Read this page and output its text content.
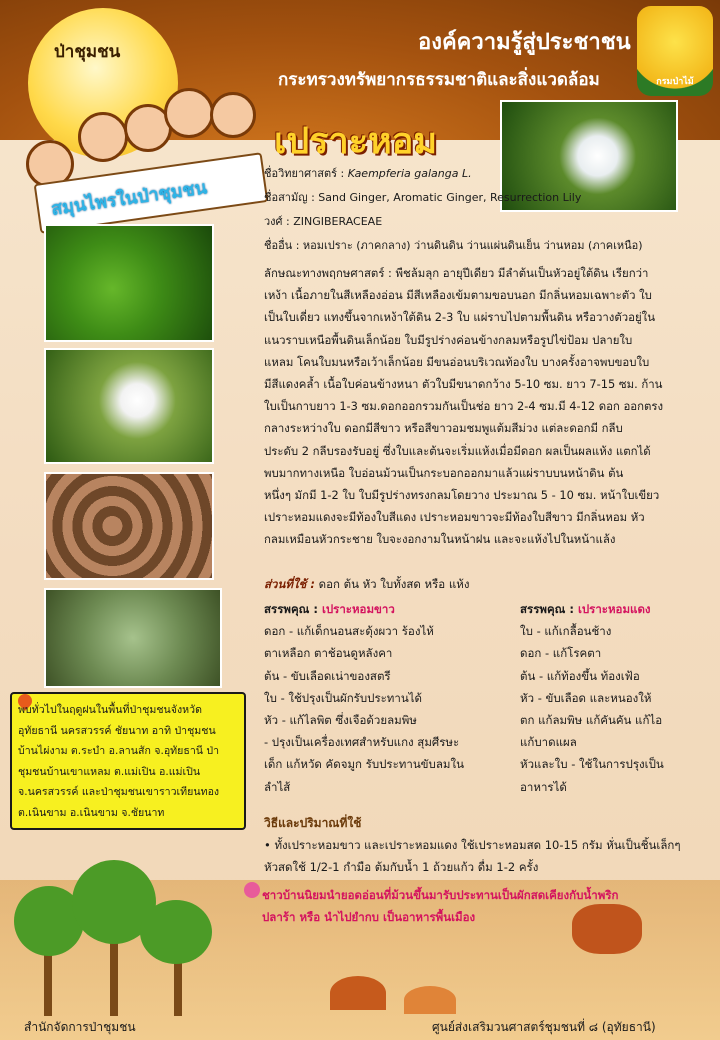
ป่าชุมชน
สมุนไพรในป่าชุมชน
องค์ความรู้สู่ประชาชน
กระทรวงทรัพยากรธรรมชาติและสิ่งแวดล้อม	กรมป่าไม้
เปราะหอม
ชื่อวิทยาศาสตร์ : Kaempferia galanga L.
ชื่อสามัญ : Sand Ginger, Aromatic Ginger, Resurrection Lily
วงศ์ : ZINGIBERACEAE
ชื่ออื่น : หอมเปราะ (ภาคกลาง) ว่านดินดิน ว่านแผ่นดินเย็น ว่านหอม (ภาคเหนือ)
ลักษณะทางพฤกษศาสตร์ : พืชล้มลุก อายุปีเดียว มีลำต้นเป็นหัวอยู่ใต้ดิน เรียกว่า
เหง้า เนื้อภายในสีเหลืองอ่อน มีสีเหลืองเข้มตามขอบนอก มีกลิ่นหอมเฉพาะตัว ใบ
เป็นใบเดี่ยว แทงขึ้นจากเหง้าใต้ดิน 2-3 ใบ แผ่ราบไปตามพื้นดิน หรือวางตัวอยู่ใน
แนวราบเหนือพื้นดินเล็กน้อย ใบมีรูปร่างค่อนข้างกลมหรือรูปไข่ป้อม ปลายใบ
แหลม โคนใบมนหรือเว้าเล็กน้อย มีขนอ่อนบริเวณท้องใบ บางครั้งอาจพบขอบใบ
มีสีแดงคล้ำ เนื้อใบค่อนข้างหนา ตัวใบมีขนาดกว้าง 5-10 ซม. ยาว 7-15 ซม. ก้าน
ใบเป็นกาบยาว 1-3 ซม.ดอกออกรวมกันเป็นช่อ ยาว 2-4 ซม.มี 4-12 ดอก ออกตรง
กลางระหว่างใบ ดอกมีสีขาว หรือสีขาวอมชมพูแต้มสีม่วง แต่ละดอกมี กลีบ
ประดับ 2 กลีบรองรับอยู่ ซึ่งใบและต้นจะเริ่มแห้งเมื่อมีดอก ผลเป็นผลแห้ง แตกได้
พบมากทางเหนือ ใบอ่อนม้วนเป็นกระบอกออกมาแล้วแผ่ราบบนหน้าดิน ต้น
หนึ่งๆ มักมี 1-2 ใบ ใบมีรูปร่างทรงกลมโดยวาง ประมาณ 5 - 10 ซม. หน้าใบเขียว
เปราะหอมแดงจะมีท้องใบสีแดง เปราะหอมขาวจะมีท้องใบสีขาว มีกลิ่นหอม หัว
กลมเหมือนหัวกระชาย ใบจะงอกงามในหน้าฝน และจะแห้งไปในหน้าแล้ง
ส่วนที่ใช้ : ดอก ต้น หัว ใบทั้งสด หรือ แห้ง
สรรพคุณ : เปราะหอมขาว
ดอก - แก้เด็กนอนสะดุ้งผวา ร้องไห้
ตาเหลือก ตาช้อนดูหลังคา
ต้น - ขับเลือดเน่าของสตรี
ใบ - ใช้ปรุงเป็นผักรับประทานได้
หัว - แก้ไลพิต ซึ่งเจือด้วยลมพิษ
- ปรุงเป็นเครื่องเทศสำหรับแกง สุมศีรษะ
เด็ก แก้หวัด คัดจมูก รับประทานขับลมใน
ลำไส้
สรรพคุณ : เปราะหอมแดง
ใบ - แก้เกลื้อนช้าง
ดอก - แก้โรคตา
ต้น - แก้ท้องขึ้น ท้องเฟ้อ
หัว - ขับเลือด และหนองให้
ตก แก้ลมพิษ แก้คันคัน แก้ไอ
แก้บาดแผล
หัวและใบ - ใช้ในการปรุงเป็น
อาหารได้
วิธีและปริมาณที่ใช้
• ทั้งเปราะหอมขาว และเปราะหอมแดง ใช้เปราะหอมสด 10-15 กรัม หั่นเป็นชิ้นเล็กๆ หัวสดใช้ 1/2-1 กำมือ ต้มกับน้ำ 1 ถ้วยแก้ว ดื่ม 1-2 ครั้ง
พบทั่วไปในฤดูฝนในพื้นที่ป่าชุมชนจังหวัดอุทัยธานี นครสวรรค์ ชัยนาท อาทิ ป่าชุมชนบ้านไผ่งาม ต.ระบำ อ.ลานสัก จ.อุทัยธานี ป่าชุมชนบ้านเขาแหลม ต.แม่เปิน อ.แม่เปิน จ.นครสวรรค์ และป่าชุมชนเขาราวเทียนทอง ต.เนินขาม อ.เนินขาม จ.ชัยนาท
ชาวบ้านนิยมนำยอดอ่อนที่ม้วนขึ้นมารับประทานเป็นผักสดเคียงกับน้ำพริกปลาร้า หรือ นำไปยำกบ เป็นอาหารพื้นเมือง
สำนักจัดการป่าชุมชน	ศูนย์ส่งเสริมวนศาสตร์ชุมชนที่ ๘ (อุทัยธานี)
